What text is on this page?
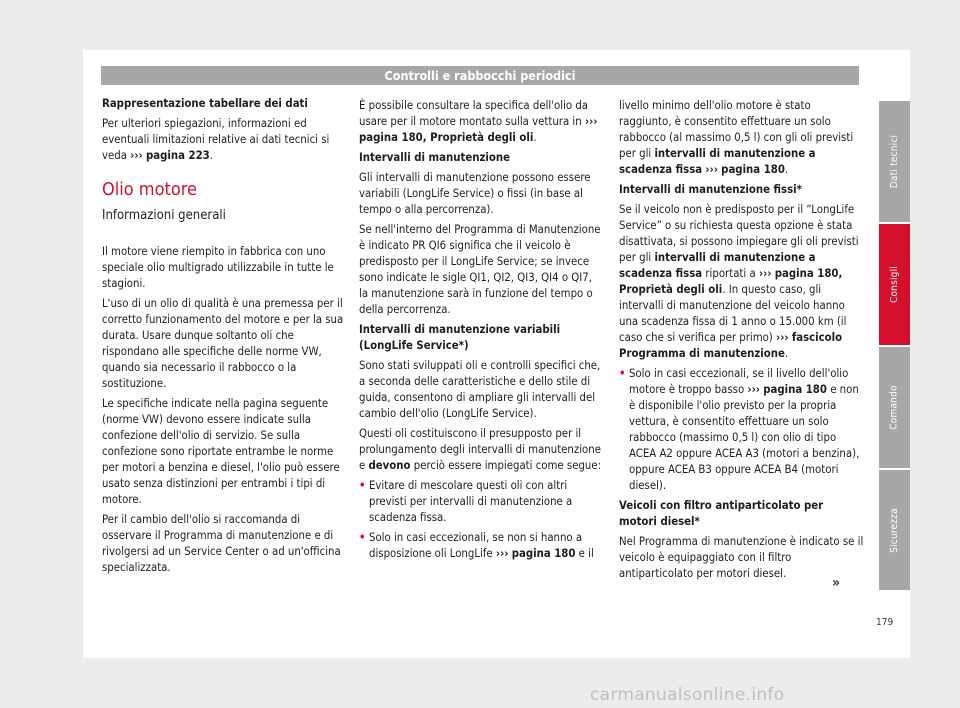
Controlli e rabbocchi periodici

Rappresentazione tabellare dei dati

Per ulteriori spiegazioni, informazioni ed eventuali limitazioni relative ai dati tecnici si veda ››› pagina 223.

Olio motore
Informazioni generali

Il motore viene riempito in fabbrica con uno speciale olio multigrado utilizzabile in tutte le stagioni.

L'uso di un olio di qualità è una premessa per il corretto funzionamento del motore e per la sua durata. Usare dunque soltanto oli che rispondano alle specifiche delle norme VW, quando sia necessario il rabbocco o la sostituzione.

Le specifiche indicate nella pagina seguente (norme VW) devono essere indicate sulla confezione dell'olio di servizio. Se sulla confezione sono riportate entrambe le norme per motori a benzina e diesel, l'olio può essere usato senza distinzioni per entrambi i tipi di motore.

Per il cambio dell'olio si raccomanda di osservare il Programma di manutenzione e di rivolgersi ad un Service Center o ad un'officina specializzata.

È possibile consultare la specifica dell'olio da usare per il motore montato sulla vettura in ››› pagina 180, Proprietà degli oli.

Intervalli di manutenzione

Gli intervalli di manutenzione possono essere variabili (LongLife Service) o fissi (in base al tempo o alla percorrenza).

Se nell'interno del Programma di Manutenzione è indicato PR QI6 significa che il veicolo è predisposto per il LongLife Service; se invece sono indicate le sigle QI1, QI2, QI3, QI4 o QI7, la manutenzione sarà in funzione del tempo o della percorrenza.

Intervalli di manutenzione variabili (LongLife Service*)

Sono stati sviluppati oli e controlli specifici che, a seconda delle caratteristiche e dello stile di guida, consentono di ampliare gli intervalli del cambio dell'olio (LongLife Service).

Questi oli costituiscono il presupposto per il prolungamento degli intervalli di manutenzione e devono perciò essere impiegati come segue:

• Evitare di mescolare questi oli con altri previsti per intervalli di manutenzione a scadenza fissa.

• Solo in casi eccezionali, se non si hanno a disposizione oli LongLife ››› pagina 180 e il

livello minimo dell'olio motore è stato raggiunto, è consentito effettuare un solo rabbocco (al massimo 0,5 l) con gli oli previsti per gli intervalli di manutenzione a scadenza fissa ››› pagina 180.

Intervalli di manutenzione fissi*

Se il veicolo non è predisposto per il “LongLife Service” o su richiesta questa opzione è stata disattivata, si possono impiegare gli oli previsti per gli intervalli di manutenzione a scadenza fissa riportati a ››› pagina 180, Proprietà degli oli. In questo caso, gli intervalli di manutenzione del veicolo hanno una scadenza fissa di 1 anno o 15.000 km (il caso che si verifica per primo) ››› fascicolo Programma di manutenzione.

• Solo in casi eccezionali, se il livello dell'olio motore è troppo basso ››› pagina 180 e non è disponibile l'olio previsto per la propria vettura, è consentito effettuare un solo rabbocco (massimo 0,5 l) con olio di tipo ACEA A2 oppure ACEA A3 (motori a benzina), oppure ACEA B3 oppure ACEA B4 (motori diesel).

Veicoli con filtro antiparticolato per motori diesel*

Nel Programma di manutenzione è indicato se il veicolo è equipaggiato con il filtro antiparticolato per motori diesel.

»
179
Dati tecnici
Consigli
Comando
Sicurezza
carmanualsonline.info
